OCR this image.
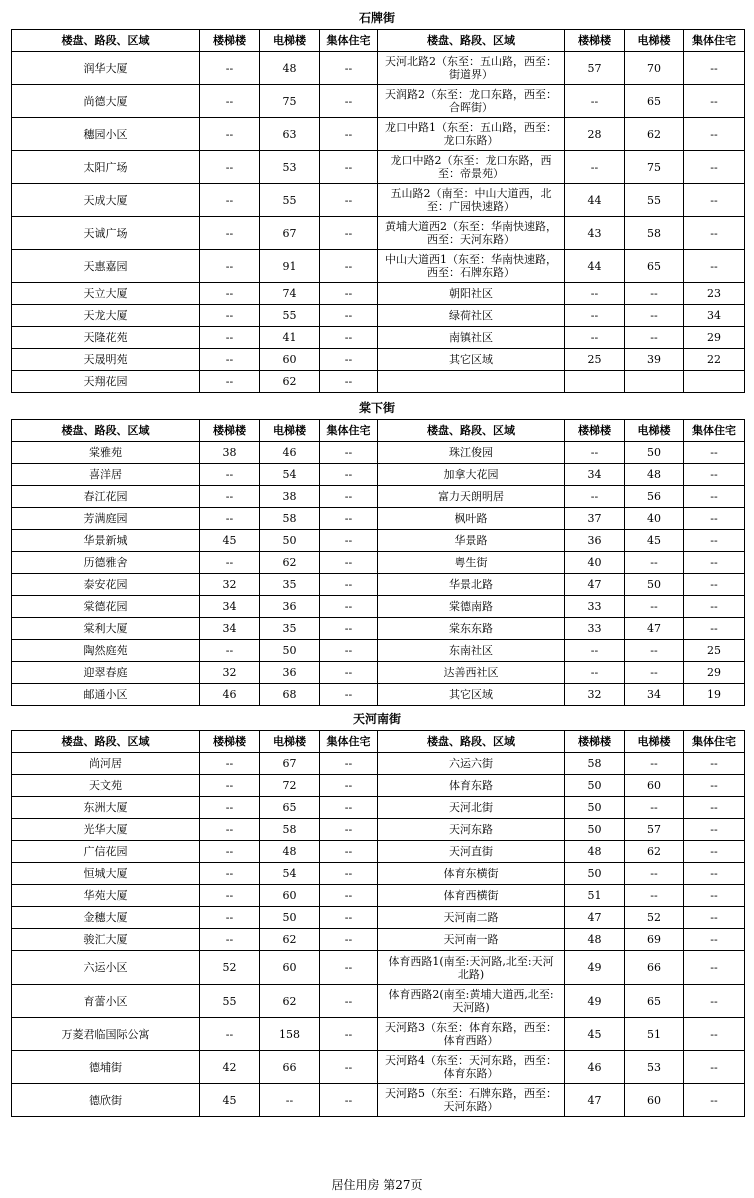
石牌街
楼盘、路段、区域	楼梯楼	电梯楼	集体住宅	楼盘、路段、区域	楼梯楼	电梯楼	集体住宅
润华大厦	--	48	--	天河北路2（东至：五山路，西至：街道界）	57	70	--
尚德大厦	--	75	--	天润路2（东至：龙口东路，西至：合晖街）	--	65	--
穗园小区	--	63	--	龙口中路1（东至：五山路，西至：龙口东路）	28	62	--
太阳广场	--	53	--	龙口中路2（东至：龙口东路，西至：帝景苑）	--	75	--
天成大厦	--	55	--	五山路2（南至：中山大道西，北至：广园快速路）	44	55	--
天诚广场	--	67	--	黄埔大道西2（东至：华南快速路，西至：天河东路）	43	58	--
天惠嘉园	--	91	--	中山大道西1（东至：华南快速路，西至：石牌东路）	44	65	--
天立大厦	--	74	--	朝阳社区	--	--	23
天龙大厦	--	55	--	绿荷社区	--	--	34
天隆花苑	--	41	--	南镇社区	--	--	29
天晟明苑	--	60	--	其它区域	25	39	22
天翔花园	--	62	--				
棠下街
楼盘、路段、区域	楼梯楼	电梯楼	集体住宅	楼盘、路段、区域	楼梯楼	电梯楼	集体住宅
棠雅苑	38	46	--	珠江俊园	--	50	--
喜洋居	--	54	--	加拿大花园	34	48	--
春江花园	--	38	--	富力天朗明居	--	56	--
芳满庭园	--	58	--	枫叶路	37	40	--
华景新城	45	50	--	华景路	36	45	--
历德雅舍	--	62	--	粤生街	40	--	--
泰安花园	32	35	--	华景北路	47	50	--
棠德花园	34	36	--	棠德南路	33	--	--
棠利大厦	34	35	--	棠东东路	33	47	--
陶然庭苑	--	50	--	东南社区	--	--	25
迎翠春庭	32	36	--	达善西社区	--	--	29
邮通小区	46	68	--	其它区域	32	34	19
天河南街
楼盘、路段、区域	楼梯楼	电梯楼	集体住宅	楼盘、路段、区域	楼梯楼	电梯楼	集体住宅
尚河居	--	67	--	六运六街	58	--	--
天文苑	--	72	--	体育东路	50	60	--
东洲大厦	--	65	--	天河北街	50	--	--
光华大厦	--	58	--	天河东路	50	57	--
广信花园	--	48	--	天河直街	48	62	--
恒城大厦	--	54	--	体育东横街	50	--	--
华苑大厦	--	60	--	体育西横街	51	--	--
金穗大厦	--	50	--	天河南二路	47	52	--
骏汇大厦	--	62	--	天河南一路	48	69	--
六运小区	52	60	--	体育西路1(南至:天河路,北至:天河北路)	49	66	--
育蕾小区	55	62	--	体育西路2(南至:黄埔大道西,北至:天河路)	49	65	--
万菱君临国际公寓	--	158	--	天河路3（东至：体育东路，西至：体育西路）	45	51	--
德埔街	42	66	--	天河路4（东至：天河东路，西至：体育东路）	46	53	--
德欣街	45	--	--	天河路5（东至：石牌东路，西至：天河东路）	47	60	--
居住用房 第27页
